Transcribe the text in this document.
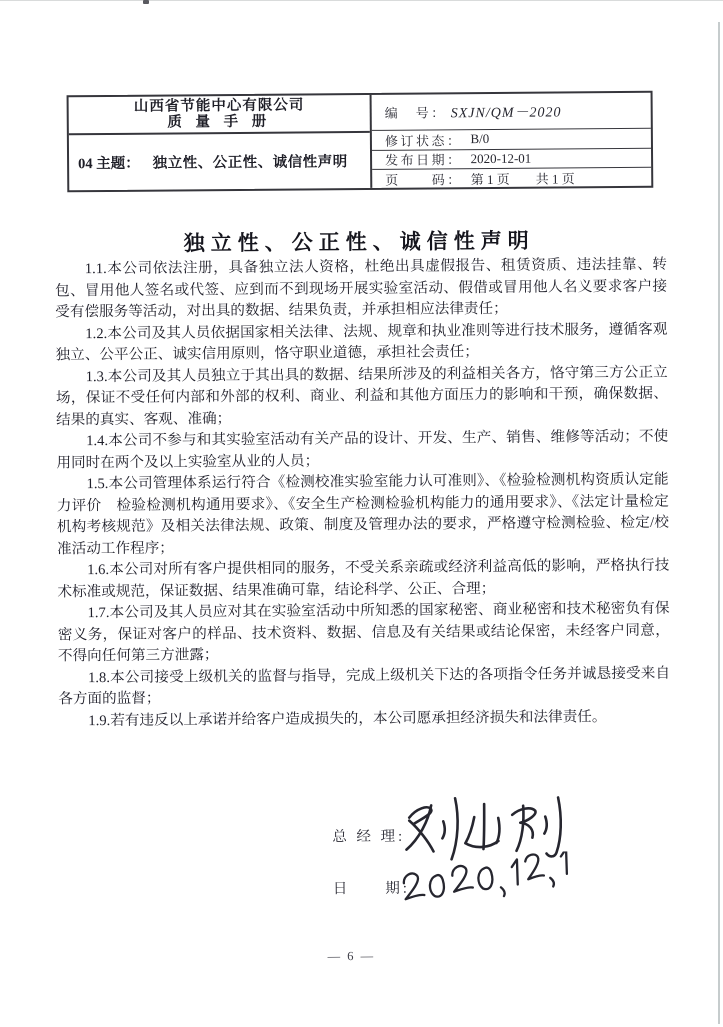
山西省节能中心有限公司
质 量 手 册
04 主题： 独立性、公正性、诚信性声明
编　号： SXJN/QM－2020
修订状态： B/0
发布日期： 2020-12-01
页　　码： 第 1 页　　共 1 页
独立性、公正性、诚信性声明

1.1.本公司依法注册，具备独立法人资格，杜绝出具虚假报告、租赁资质、违法挂靠、转包、冒用他人签名或代签、应到而不到现场开展实验室活动、假借或冒用他人名义要求客户接受有偿服务等活动，对出具的数据、结果负责，并承担相应法律责任；

1.2.本公司及其人员依据国家相关法律、法规、规章和执业准则等进行技术服务，遵循客观独立、公平公正、诚实信用原则，恪守职业道德，承担社会责任；

1.3.本公司及其人员独立于其出具的数据、结果所涉及的利益相关各方，恪守第三方公正立场，保证不受任何内部和外部的权利、商业、利益和其他方面压力的影响和干预，确保数据、结果的真实、客观、准确；

1.4.本公司不参与和其实验室活动有关产品的设计、开发、生产、销售、维修等活动；不使用同时在两个及以上实验室从业的人员；

1.5.本公司管理体系运行符合《检测校准实验室能力认可准则》、《检验检测机构资质认定能力评价　检验检测机构通用要求》、《安全生产检测检验机构能力的通用要求》、《法定计量检定机构考核规范》及相关法律法规、政策、制度及管理办法的要求，严格遵守检测检验、检定/校准活动工作程序；

1.6.本公司对所有客户提供相同的服务，不受关系亲疏或经济利益高低的影响，严格执行技术标准或规范，保证数据、结果准确可靠，结论科学、公正、合理；

1.7.本公司及其人员应对其在实验室活动中所知悉的国家秘密、商业秘密和技术秘密负有保密义务，保证对客户的样品、技术资料、数据、信息及有关结果或结论保密，未经客户同意，不得向任何第三方泄露；

1.8.本公司接受上级机关的监督与指导，完成上级机关下达的各项指令任务并诚恳接受来自各方面的监督；

1.9.若有违反以上承诺并给客户造成损失的，本公司愿承担经济损失和法律责任。

总 经 理:
日　　期:
— 6 —
